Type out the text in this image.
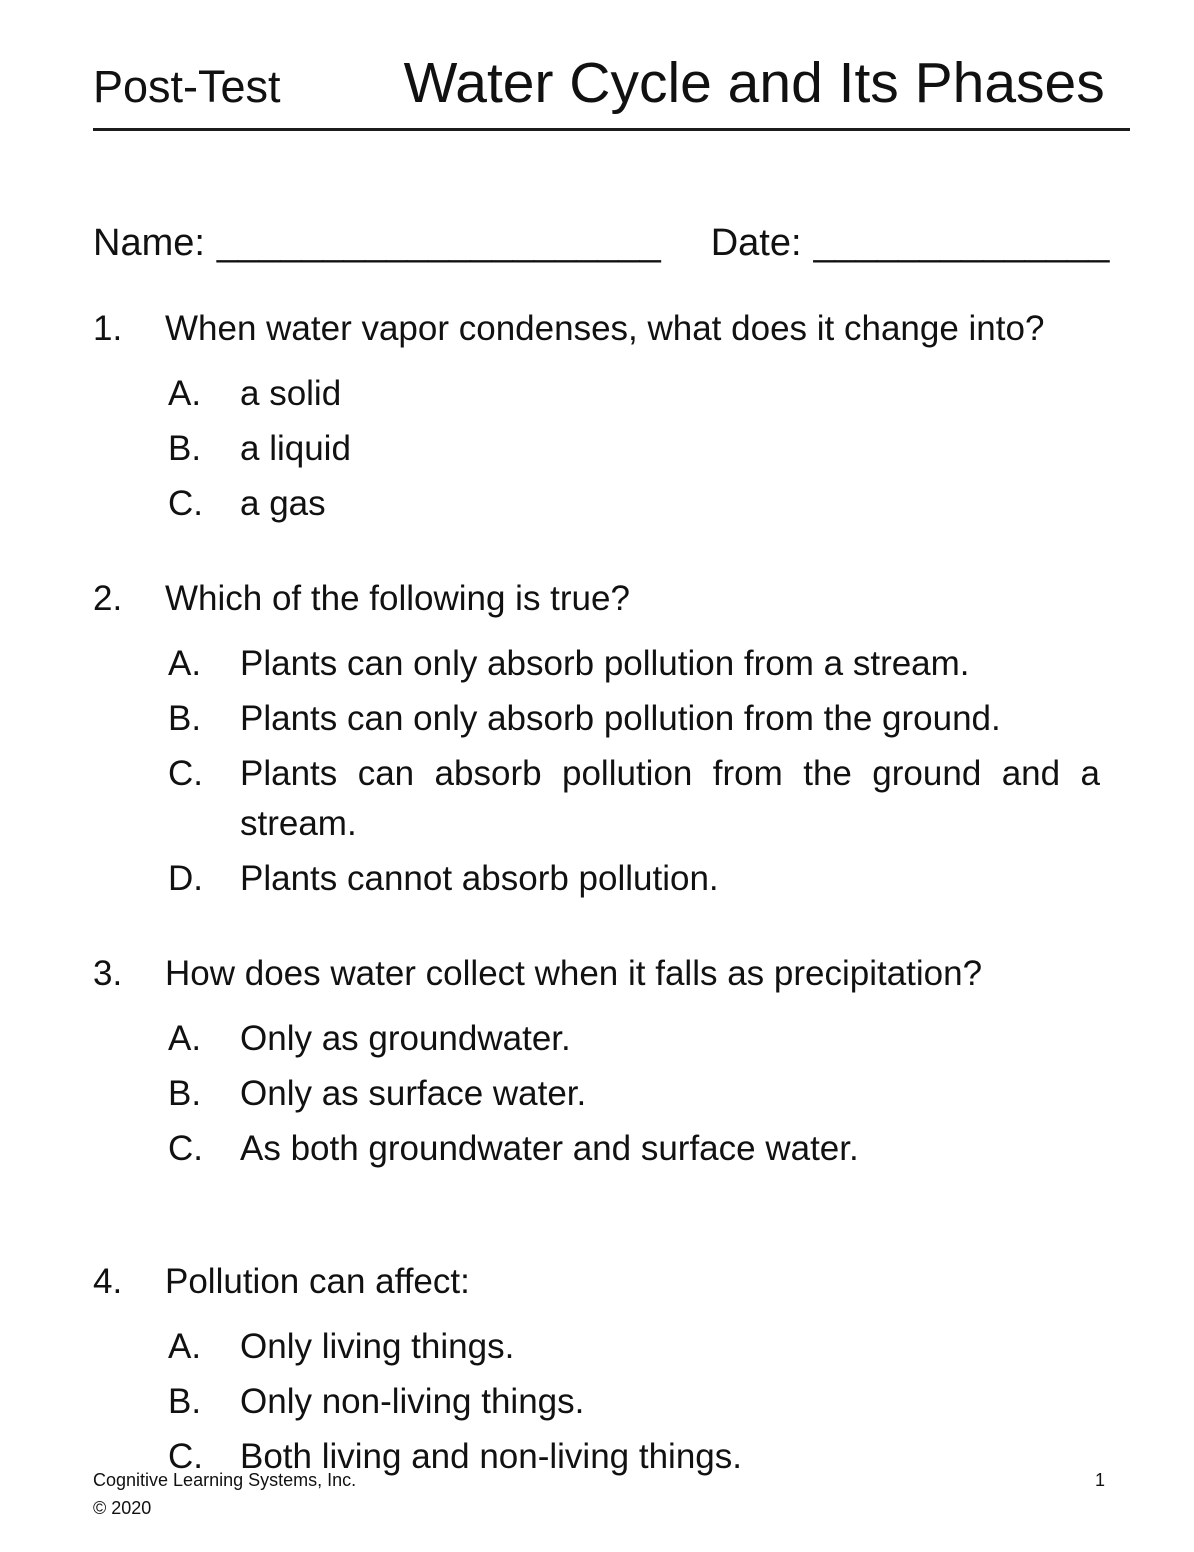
Post-Test Water Cycle and Its Phases
Name: _____________________ Date: ______________
1.	When water vapor condenses, what does it change into?
A.	a solid
B.	a liquid
C.	a gas
2.	Which of the following is true?
A.	Plants can only absorb pollution from a stream.
B.	Plants can only absorb pollution from the ground.
C.	Plants can absorb pollution from the ground and a stream.
D.	Plants cannot absorb pollution.
3.	How does water collect when it falls as precipitation?
A.	Only as groundwater.
B.	Only as surface water.
C.	As both groundwater and surface water.
4.	Pollution can affect:
A.	Only living things.
B.	Only non-living things.
C.	Both living and non-living things.
Cognitive Learning Systems, Inc.
© 2020
1
